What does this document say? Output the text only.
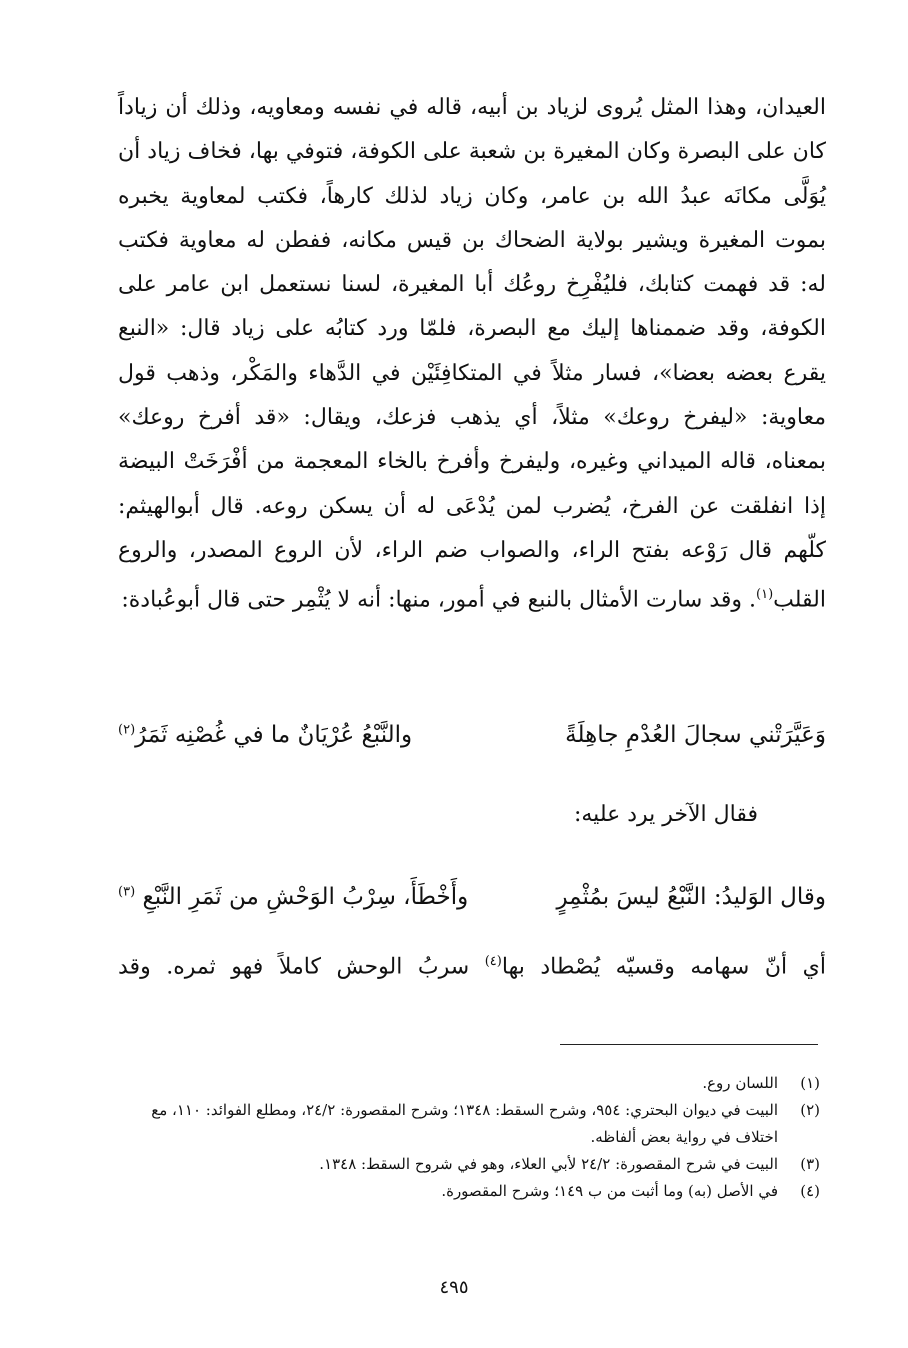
العيدان، وهذا المثل يُروى لزياد بن أبيه، قاله في نفسه ومعاويه، وذلك أن زياداً كان على البصرة وكان المغيرة بن شعبة على الكوفة، فتوفي بها، فخاف زياد أن يُوَلَّى مكانَه عبدُ الله بن عامر، وكان زياد لذلك كارهاً، فكتب لمعاوية يخبره بموت المغيرة ويشير بولاية الضحاك بن قيس مكانه، ففطن له معاوية فكتب له: قد فهمت كتابك، فليُفْرِخ روعُك أبا المغيرة، لسنا نستعمل ابن عامر على الكوفة، وقد ضممناها إليك مع البصرة، فلمّا ورد كتابُه على زياد قال: «النبع يقرع بعضه بعضا»، فسار مثلاً في المتكافِئَيْن في الدَّهاء والمَكْر، وذهب قول معاوية: «ليفرخ روعك» مثلاً، أي يذهب فزعك، ويقال: «قد أفرخ روعك» بمعناه، قاله الميداني وغيره، وليفرخ وأفرخ بالخاء المعجمة من أفْرَخَتْ البيضة إذا انفلقت عن الفرخ، يُضرب لمن يُدْعَى له أن يسكن روعه. قال أبوالهيثم: كلّهم قال رَوْعه بفتح الراء، والصواب ضم الراء، لأن الروع المصدر، والروع القلب$^{(١)}$. وقد سارت الأمثال بالنبع في أمور، منها: أنه لا يُثْمِر حتى قال أبوعُبادة:

وَعَيَّرَتْني سجالَ العُدْمِ جاهِلَةً
والنَّبْعُ عُرْيَانٌ ما في غُصْنِه ثَمَرُ$^{(٢)}$
فقال الآخر يرد عليه:
وقال الوَليدُ: النَّبْعُ ليسَ بمُثْمِرٍ
وأَخْطَأَ، سِرْبُ الوَحْشِ من ثَمَرِ النَّبْعِ $^{(٣)}$
أي أنّ سهامه وقسيّه يُصْطاد بها$^{(٤)}$ سربُ الوحش كاملاً فهو ثمره. وقد
(١)
اللسان روع.
(٢)
البيت في ديوان البحتري: ٩٥٤، وشرح السقط: ١٣٤٨؛ وشرح المقصورة: ٢٤/٢، ومطلع الفوائد: ١١٠، مع اختلاف في رواية بعض ألفاظه.
(٣)
البيت في شرح المقصورة: ٢٤/٢ لأبي العلاء، وهو في شروح السقط: ١٣٤٨.
(٤)
في الأصل (به) وما أثبت من ب ١٤٩؛ وشرح المقصورة.
٤٩٥
